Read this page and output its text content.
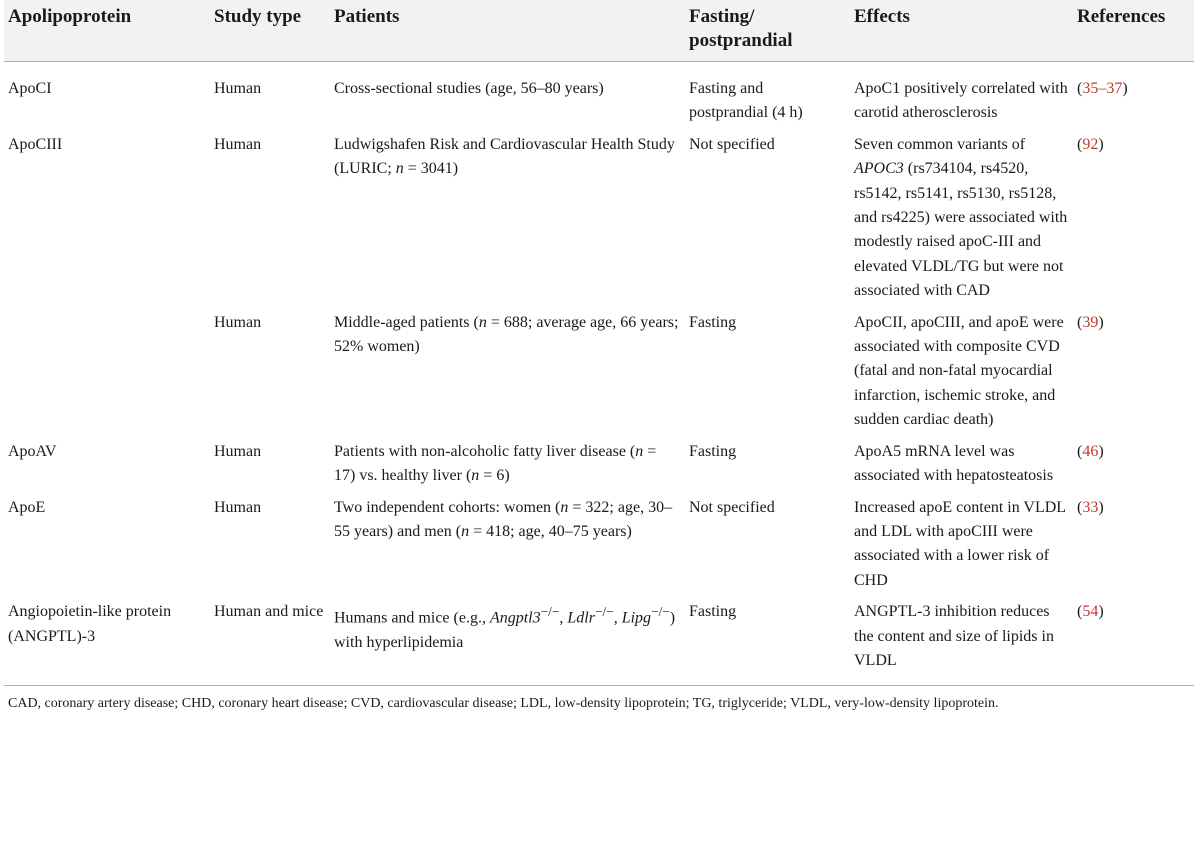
Apolipoprotein	Study type	Patients	Fasting/ postprandial	Effects	References
ApoCI	Human	Cross-sectional studies (age, 56–80 years)	Fasting and postprandial (4 h)	ApoC1 positively correlated with carotid atherosclerosis	(35–37)
ApoCIII	Human	Ludwigshafen Risk and Cardiovascular Health Study (LURIC; n = 3041)	Not specified	Seven common variants of APOC3 (rs734104, rs4520, rs5142, rs5141, rs5130, rs5128, and rs4225) were associated with modestly raised apoC-III and elevated VLDL/TG but were not associated with CAD	(92)
	Human	Middle-aged patients (n = 688; average age, 66 years; 52% women)	Fasting	ApoCII, apoCIII, and apoE were associated with composite CVD (fatal and non-fatal myocardial infarction, ischemic stroke, and sudden cardiac death)	(39)
ApoAV	Human	Patients with non-alcoholic fatty liver disease (n = 17) vs. healthy liver (n = 6)	Fasting	ApoA5 mRNA level was associated with hepatosteatosis	(46)
ApoE	Human	Two independent cohorts: women (n = 322; age, 30–55 years) and men (n = 418; age, 40–75 years)	Not specified	Increased apoE content in VLDL and LDL with apoCIII were associated with a lower risk of CHD	(33)
Angiopoietin-like protein (ANGPTL)-3	Human and mice	Humans and mice (e.g., Angptl3−/−, Ldlr−/−, Lipg−/−) with hyperlipidemia	Fasting	ANGPTL-3 inhibition reduces the content and size of lipids in VLDL	(54)
CAD, coronary artery disease; CHD, coronary heart disease; CVD, cardiovascular disease; LDL, low-density lipoprotein; TG, triglyceride; VLDL, very-low-density lipoprotein.
